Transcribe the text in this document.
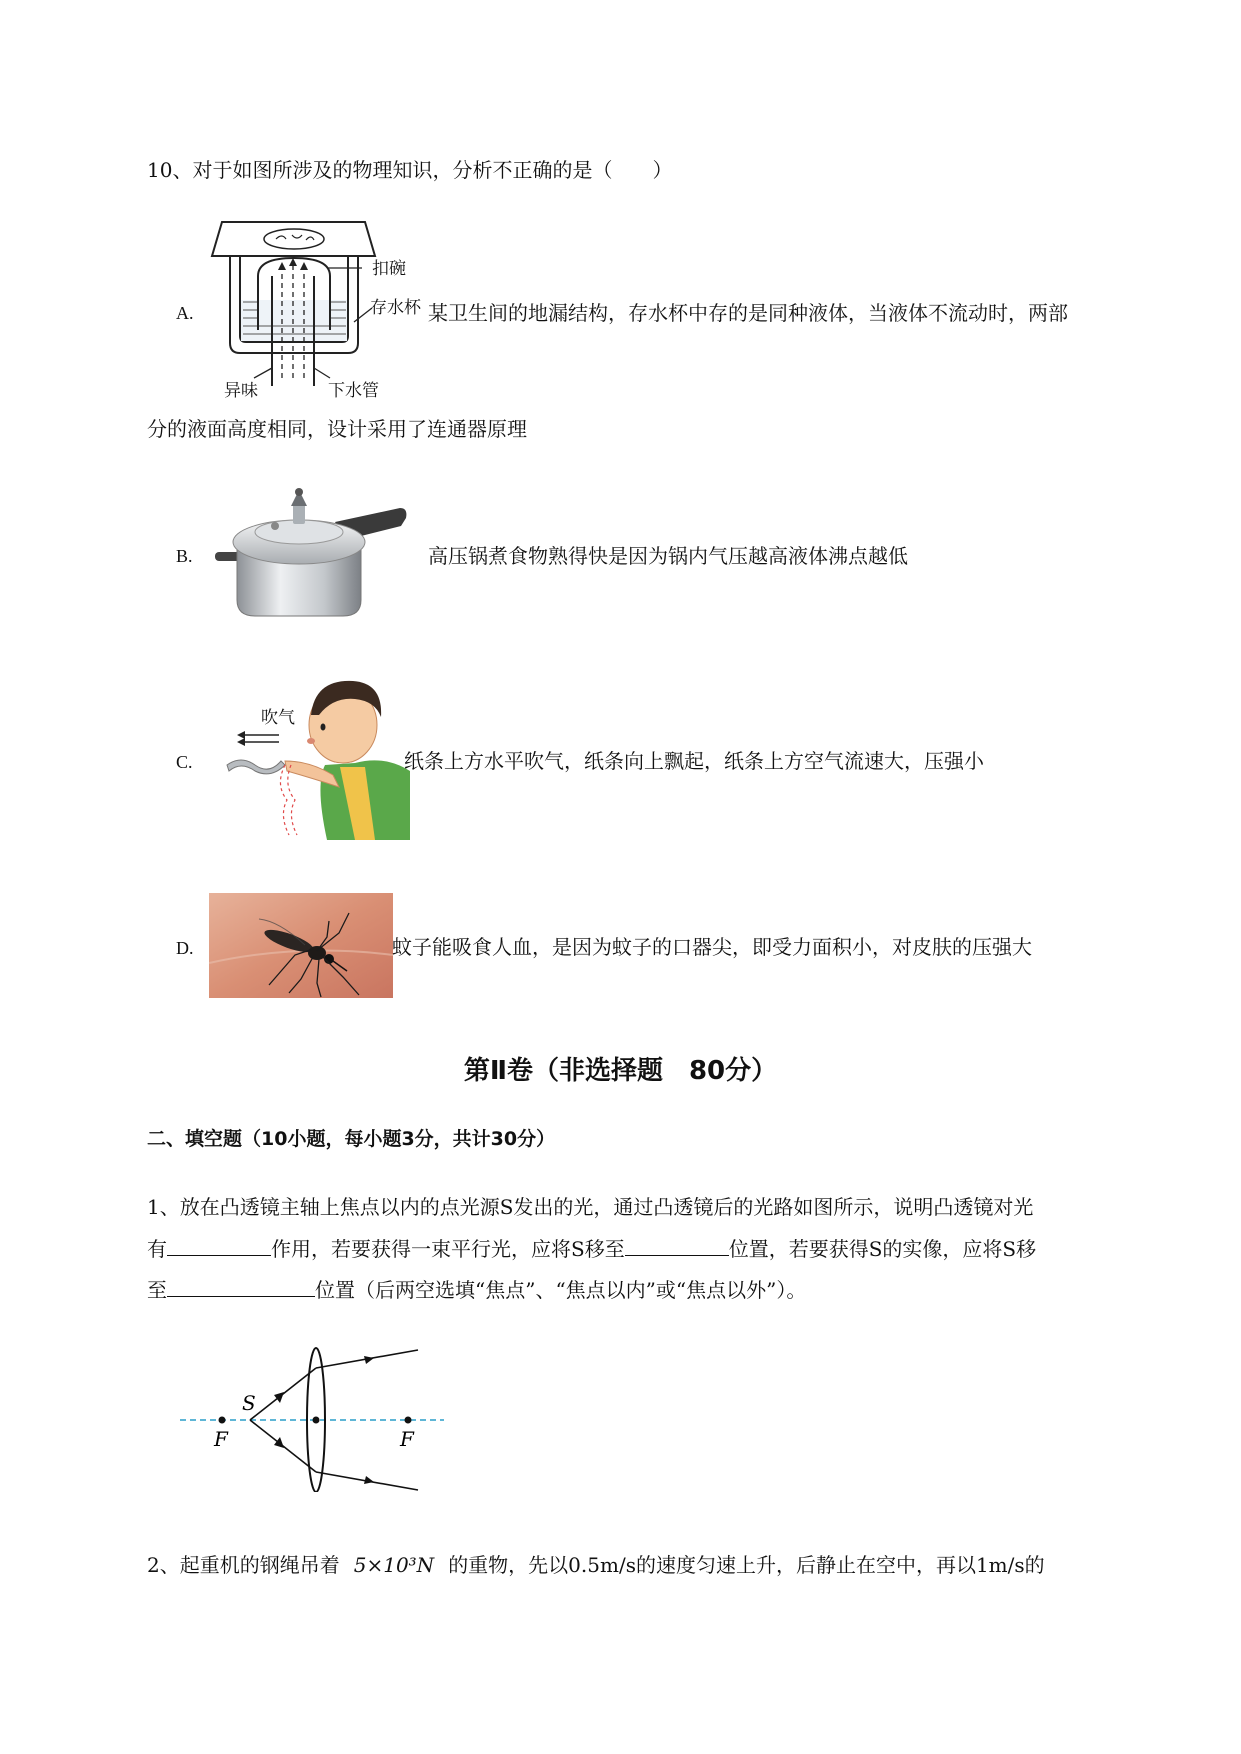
10、对于如图所涉及的物理知识，分析不正确的是（　　）
A.
扣碗
存水杯
异味	下水管
某卫生间的地漏结构，存水杯中存的是同种液体，当液体不流动时，两部
分的液面高度相同，设计采用了连通器原理
B.	高压锅煮食物熟得快是因为锅内气压越高液体沸点越低
C.
吹气
纸条上方水平吹气，纸条向上飘起，纸条上方空气流速大，压强小
D.	蚊子能吸食人血，是因为蚊子的口器尖，即受力面积小，对皮肤的压强大
第Ⅱ卷（非选择题　80分）
二、填空题（10小题，每小题3分，共计30分）
1、放在凸透镜主轴上焦点以内的点光源S发出的光，通过凸透镜后的光路如图所示，说明凸透镜对光
有	作用，若要获得一束平行光，应将S移至	位置，若要获得S的实像，应将S移
至	位置（后两空选填“焦点”、“焦点以内”或“焦点以外”）。
S
F	F
2、起重机的钢绳吊着 5×10³N 的重物，先以0.5m/s的速度匀速上升，后静止在空中，再以1m/s的
